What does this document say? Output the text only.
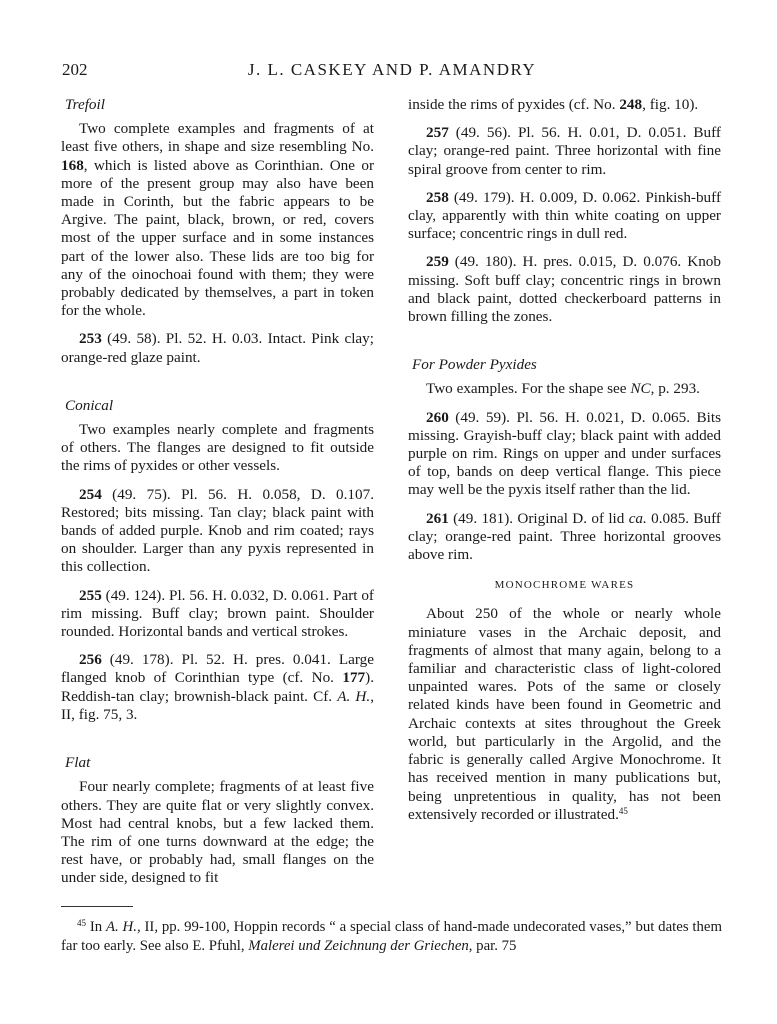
202	J. L. CASKEY AND P. AMANDRY

Trefoil

Two complete examples and fragments of at least five others, in shape and size resembling No. 168, which is listed above as Corinthian. One or more of the present group may also have been made in Corinth, but the fabric appears to be Argive. The paint, black, brown, or red, covers most of the upper surface and in some instances part of the lower also. These lids are too big for any of the oinochoai found with them; they were probably dedicated by themselves, a part in token for the whole.

253 (49. 58). Pl. 52. H. 0.03. Intact. Pink clay; orange-red glaze paint.

Conical

Two examples nearly complete and fragments of others. The flanges are designed to fit outside the rims of pyxides or other vessels.

254 (49. 75). Pl. 56. H. 0.058, D. 0.107. Restored; bits missing. Tan clay; black paint with bands of added purple. Knob and rim coated; rays on shoulder. Larger than any pyxis represented in this collection.

255 (49. 124). Pl. 56. H. 0.032, D. 0.061. Part of rim missing. Buff clay; brown paint. Shoulder rounded. Horizontal bands and vertical strokes.

256 (49. 178). Pl. 52. H. pres. 0.041. Large flanged knob of Corinthian type (cf. No. 177). Reddish-tan clay; brownish-black paint. Cf. A. H., II, fig. 75, 3.

Flat

Four nearly complete; fragments of at least five others. They are quite flat or very slightly convex. Most had central knobs, but a few lacked them. The rim of one turns downward at the edge; the rest have, or probably had, small flanges on the under side, designed to fit

inside the rims of pyxides (cf. No. 248, fig. 10).

257 (49. 56). Pl. 56. H. 0.01, D. 0.051. Buff clay; orange-red paint. Three horizontal with fine spiral groove from center to rim.

258 (49. 179). H. 0.009, D. 0.062. Pinkish-buff clay, apparently with thin white coating on upper surface; concentric rings in dull red.

259 (49. 180). H. pres. 0.015, D. 0.076. Knob missing. Soft buff clay; concentric rings in brown and black paint, dotted checkerboard patterns in brown filling the zones.

For Powder Pyxides

Two examples. For the shape see NC, p. 293.

260 (49. 59). Pl. 56. H. 0.021, D. 0.065. Bits missing. Grayish-buff clay; black paint with added purple on rim. Rings on upper and under surfaces of top, bands on deep vertical flange. This piece may well be the pyxis itself rather than the lid.

261 (49. 181). Original D. of lid ca. 0.085. Buff clay; orange-red paint. Three horizontal grooves above rim.

MONOCHROME WARES

About 250 of the whole or nearly whole miniature vases in the Archaic deposit, and fragments of almost that many again, belong to a familiar and characteristic class of light-colored unpainted wares. Pots of the same or closely related kinds have been found in Geometric and Archaic contexts at sites throughout the Greek world, but particularly in the Argolid, and the fabric is generally called Argive Monochrome. It has received mention in many publications but, being unpretentious in quality, has not been extensively recorded or illustrated.$^{45}$

$^{45}$ In A. H., II, pp. 99-100, Hoppin records “ a special class of hand-made undecorated vases,” but dates them far too early. See also E. Pfuhl, Malerei und Zeichnung der Griechen, par. 75
